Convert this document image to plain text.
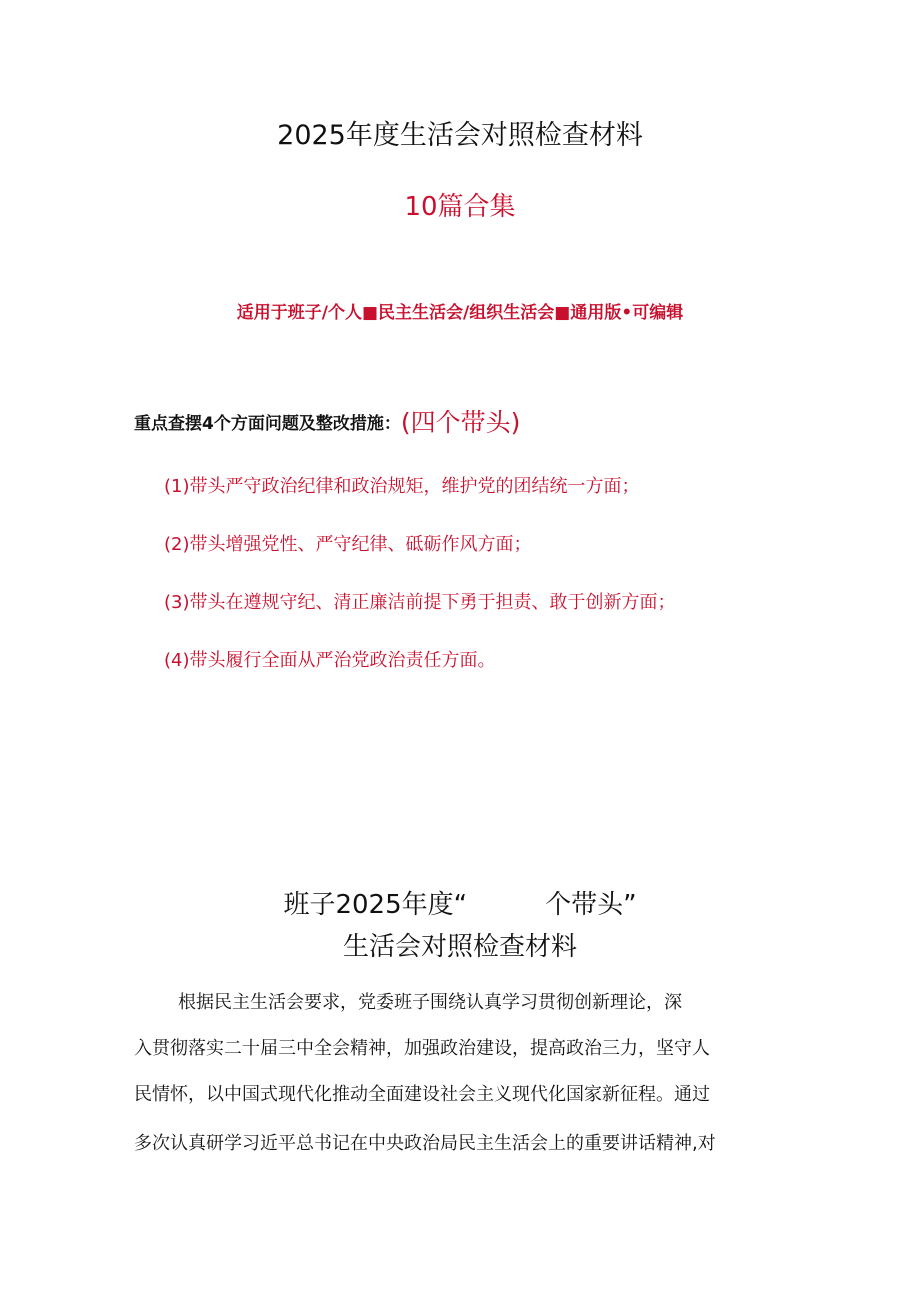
2025年度生活会对照检查材料
10篇合集
适用于班子/个人■民主生活会/组织生活会■通用版•可编辑
重点查摆4个方面问题及整改措施：(四个带头)
(1)带头严守政治纪律和政治规矩，维护党的团结统一方面；
(2)带头增强党性、严守纪律、砥砺作风方面；
(3)带头在遵规守纪、清正廉洁前提下勇于担责、敢于创新方面；
(4)带头履行全面从严治党政治责任方面。
班子2025年度“　　　个带头”
生活会对照检查材料
根据民主生活会要求，党委班子围绕认真学习贯彻创新理论，深
入贯彻落实二十届三中全会精神，加强政治建设，提高政治三力，坚守人
民情怀，以中国式现代化推动全面建设社会主义现代化国家新征程。通过
多次认真研学习近平总书记在中央政治局民主生活会上的重要讲话精神,对
